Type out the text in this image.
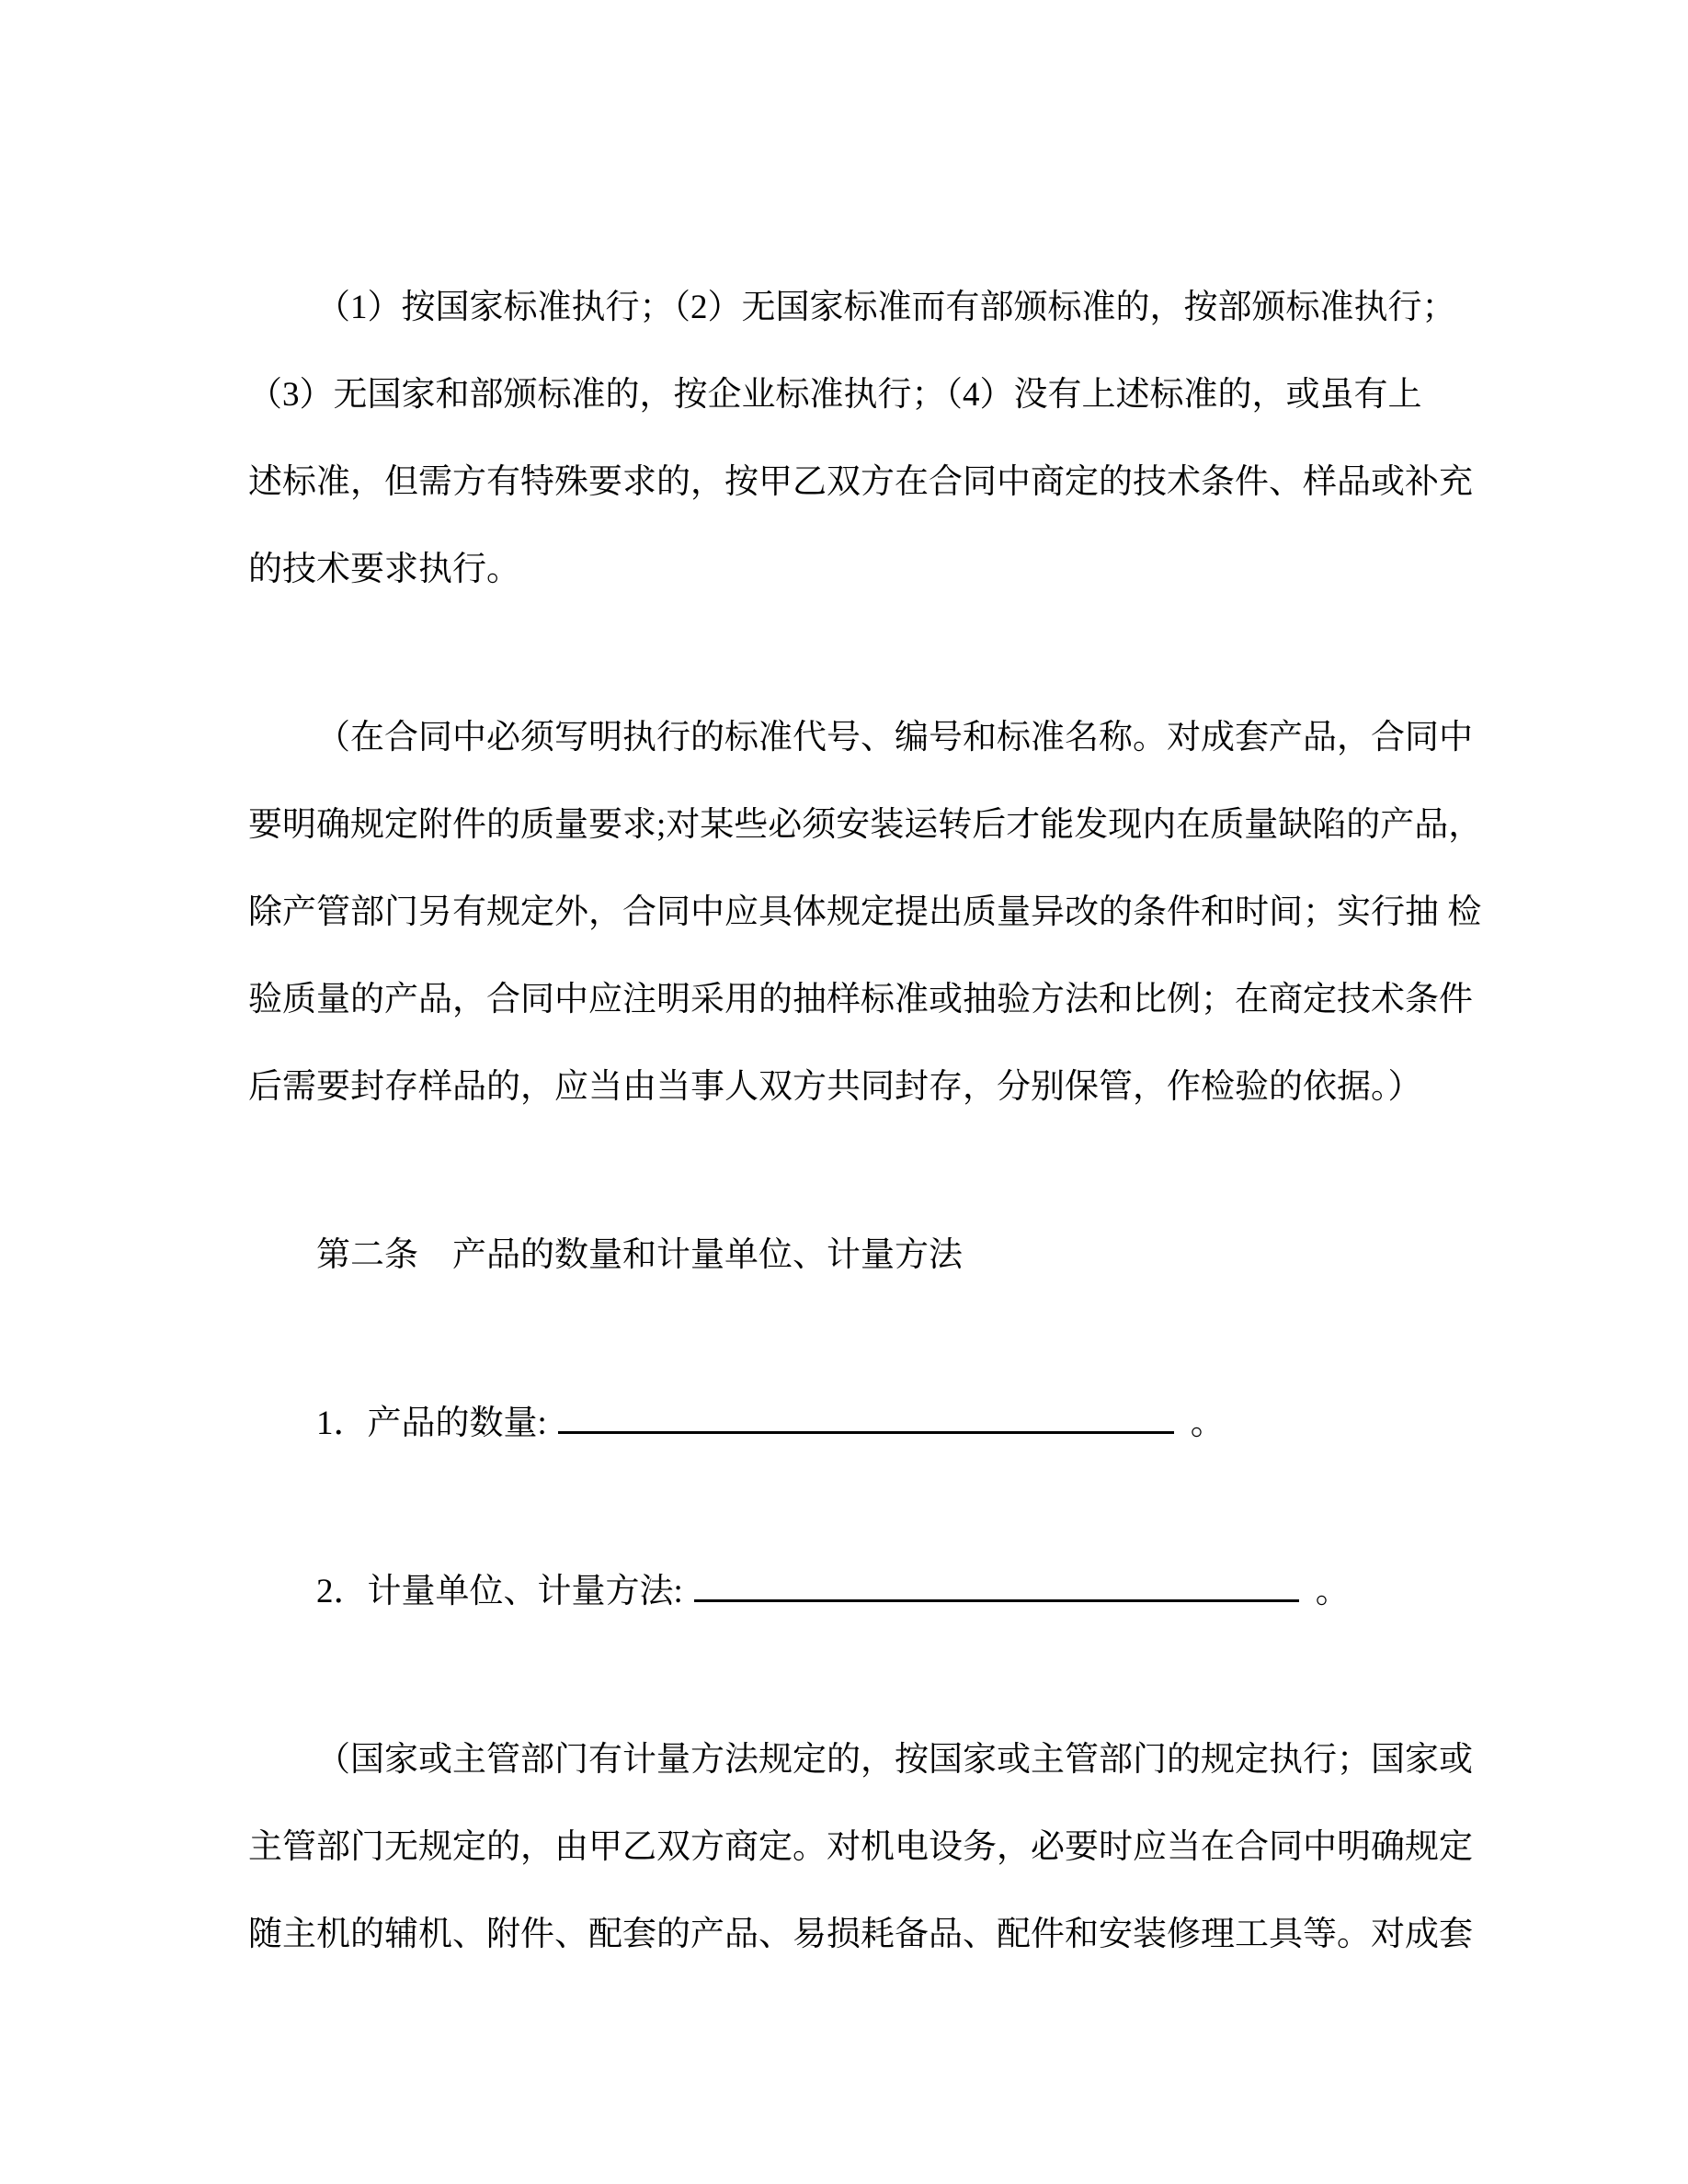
（1）按国家标准执行；（2）无国家标准而有部颁标准的，按部颁标准执行；
（3）无国家和部颁标准的，按企业标准执行；（4）没有上述标准的，或虽有上
述标准，但需方有特殊要求的，按甲乙双方在合同中商定的技术条件、样品或补充
的技术要求执行。
（在合同中必须写明执行的标准代号、编号和标准名称。对成套产品，合同中
要明确规定附件的质量要求;对某些必须安装运转后才能发现内在质量缺陷的产品，
除产管部门另有规定外，合同中应具体规定提出质量异改的条件和时间；实行抽 检
验质量的产品，合同中应注明采用的抽样标准或抽验方法和比例；在商定技术条件
后需要封存样品的，应当由当事人双方共同封存，分别保管，作检验的依据。）
第二条　产品的数量和计量单位、计量方法
1．产品的数量:	。
2．计量单位、计量方法:	。
（国家或主管部门有计量方法规定的，按国家或主管部门的规定执行；国家或
主管部门无规定的，由甲乙双方商定。对机电设务，必要时应当在合同中明确规定
随主机的辅机、附件、配套的产品、易损耗备品、配件和安装修理工具等。对成套
